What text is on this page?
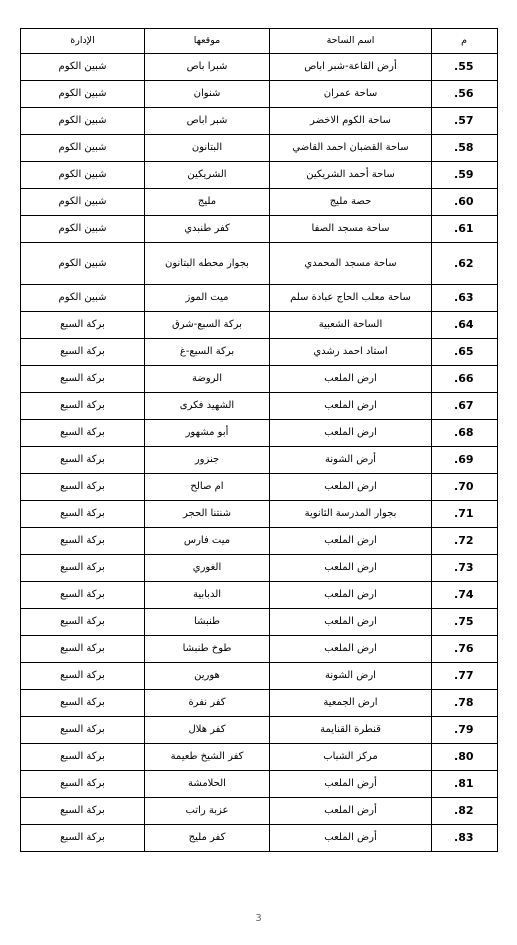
م	اسم الساحة	موقعها	الإدارة
55.	أرض القاعة-شبر اباص	شبرا باص	شبين الكوم
56.	ساحة عمران	شنوان	شبين الكوم
57.	ساحة الكوم الاخضر	شبر اباص	شبين الكوم
58.	ساحة القضبان احمد القاضي	البتانون	شبين الكوم
59.	ساحة أحمد الشريكين	الشريكين	شبين الكوم
60.	حصة مليج	مليج	شبين الكوم
61.	ساحة مسجد الصفا	كفر طنبدي	شبين الكوم
62.	ساحة مسجد المحمدي	بجوار محطه البتانون	شبين الكوم
63.	ساحة معلب الحاج عبادة سلم	ميت الموز	شبين الكوم
64.	الساحة الشعبية	بركة السبع-شرق	بركة السبع
65.	استاد احمد رشدي	بركة السبع-غ	بركة السبع
66.	ارض الملعب	الروضة	بركة السبع
67.	ارض الملعب	الشهيد فكرى	بركة السبع
68.	ارض الملعب	أبو مشهور	بركة السبع
69.	أرض الشونة	جنزور	بركة السبع
70.	ارض الملعب	ام صالح	بركة السبع
71.	بجوار المدرسة الثانوية	شنتنا الحجر	بركة السبع
72.	ارض الملعب	ميت فارس	بركة السبع
73.	ارض الملعب	الغوري	بركة السبع
74.	ارض الملعب	الدبابية	بركة السبع
75.	ارض الملعب	طنبشا	بركة السبع
76.	ارض الملعب	طوخ طنبشا	بركة السبع
77.	ارض الشونة	هورين	بركة السبع
78.	ارض الجمعية	كفر نفرة	بركة السبع
79.	قنطرة القنايمة	كفر هلال	بركة السبع
80.	مركز الشباب	كفر الشيخ طعيمة	بركة السبع
81.	أرض الملعب	الحلامشة	بركة السبع
82.	أرض الملعب	عزبة راتب	بركة السبع
83.	أرض الملعب	كفر مليج	بركة السبع
3
